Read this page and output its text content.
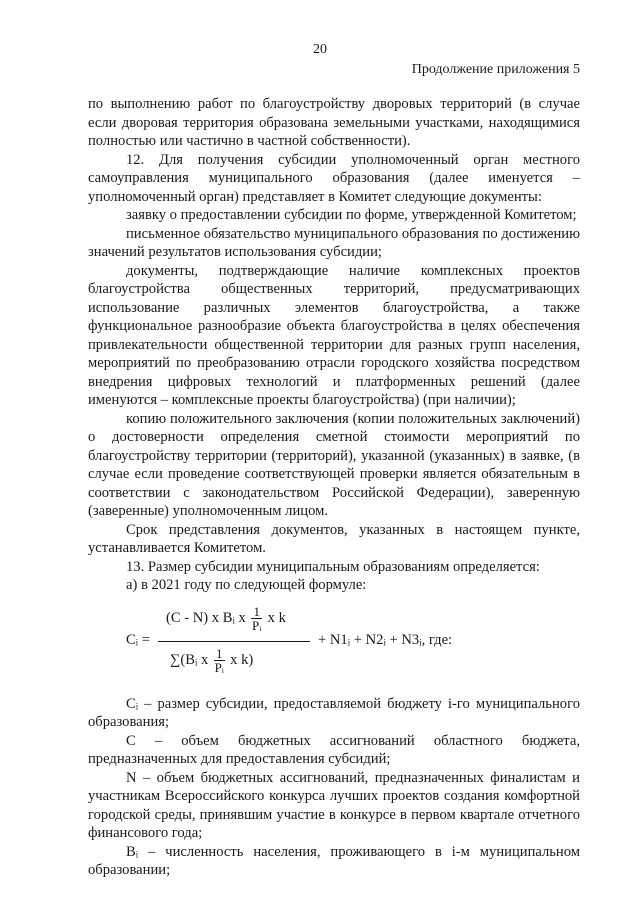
20
Продолжение приложения 5

по выполнению работ по благоустройству дворовых территорий (в случае если дворовая территория образована земельными участками, находящимися полностью или частично в частной собственности).

12. Для получения субсидии уполномоченный орган местного самоуправления муниципального образования (далее именуется – уполномоченный орган) представляет в Комитет следующие документы:

заявку о предоставлении субсидии по форме, утвержденной Комитетом;

письменное обязательство муниципального образования по достижению значений результатов использования субсидии;

документы, подтверждающие наличие комплексных проектов благоустройства общественных территорий, предусматривающих использование различных элементов благоустройства, а также функциональное разнообразие объекта благоустройства в целях обеспечения привлекательности общественной территории для разных групп населения, мероприятий по преобразованию отрасли городского хозяйства посредством внедрения цифровых технологий и платформенных решений (далее именуются – комплексные проекты благоустройства) (при наличии);

копию положительного заключения (копии положительных заключений) о достоверности определения сметной стоимости мероприятий по благоустройству территории (территорий), указанной (указанных) в заявке, (в случае если проведение соответствующей проверки является обязательным в соответствии с законодательством Российской Федерации), заверенную (заверенные) уполномоченным лицом.

Срок представления документов, указанных в настоящем пункте, устанавливается Комитетом.

13. Размер субсидии муниципальным образованиям определяется:

а) в 2021 году по следующей формуле:

Cᵢ =
(C - N) x Bᵢ x $\frac{1}{\text{Pᵢ}}$ x k
∑(Bᵢ x $\frac{1}{\text{Pᵢ}}$ x k)
+ N1ᵢ + N2ᵢ + N3ᵢ, где:

Cᵢ – размер субсидии, предоставляемой бюджету i-го муниципального образования;

С – объем бюджетных ассигнований областного бюджета, предназначенных для предоставления субсидий;

N – объем бюджетных ассигнований, предназначенных финалистам и участникам Всероссийского конкурса лучших проектов создания комфортной городской среды, принявшим участие в конкурсе в первом квартале отчетного финансового года;

Bᵢ – численность населения, проживающего в i-м муниципальном образовании;
